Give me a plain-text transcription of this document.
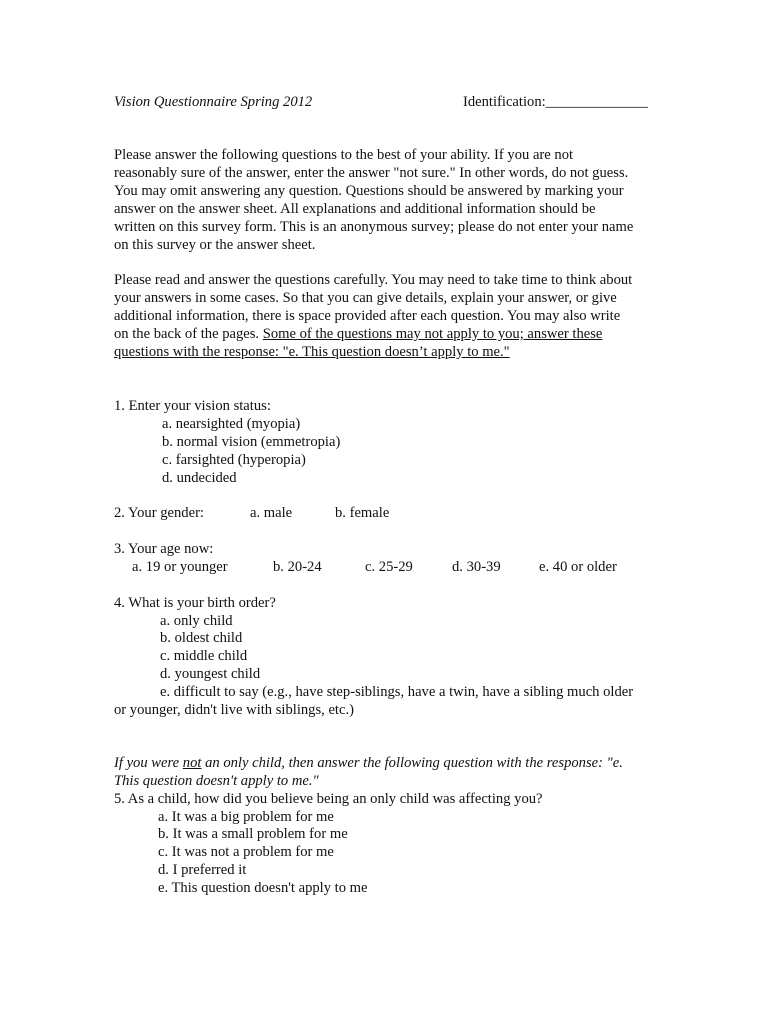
Vision Questionnaire Spring 2012	Identification:______________
Please answer the following questions to the best of your ability. If you are not
reasonably sure of the answer, enter the answer "not sure." In other words, do not guess.
You may omit answering any question. Questions should be answered by marking your
answer on the answer sheet. All explanations and additional information should be
written on this survey form. This is an anonymous survey; please do not enter your name
on this survey or the answer sheet.
Please read and answer the questions carefully. You may need to take time to think about
your answers in some cases. So that you can give details, explain your answer, or give
additional information, there is space provided after each question. You may also write
on the back of the pages. Some of the questions may not apply to you; answer these
questions with the response: "e. This question doesn’t apply to me."
1. Enter your vision status:
a. nearsighted (myopia)
b. normal vision (emmetropia)
c. farsighted (hyperopia)
d. undecided
2. Your gender:	a. male	b. female
3. Your age now:
a. 19 or younger	b. 20-24	c. 25-29	d. 30-39	e. 40 or older
4. What is your birth order?
a. only child
b. oldest child
c. middle child
d. youngest child
e. difficult to say (e.g., have step-siblings, have a twin, have a sibling much older
or younger, didn't live with siblings, etc.)
If you were not an only child, then answer the following question with the response: "e.
This question doesn't apply to me."
5. As a child, how did you believe being an only child was affecting you?
a. It was a big problem for me
b. It was a small problem for me
c. It was not a problem for me
d. I preferred it
e. This question doesn't apply to me
